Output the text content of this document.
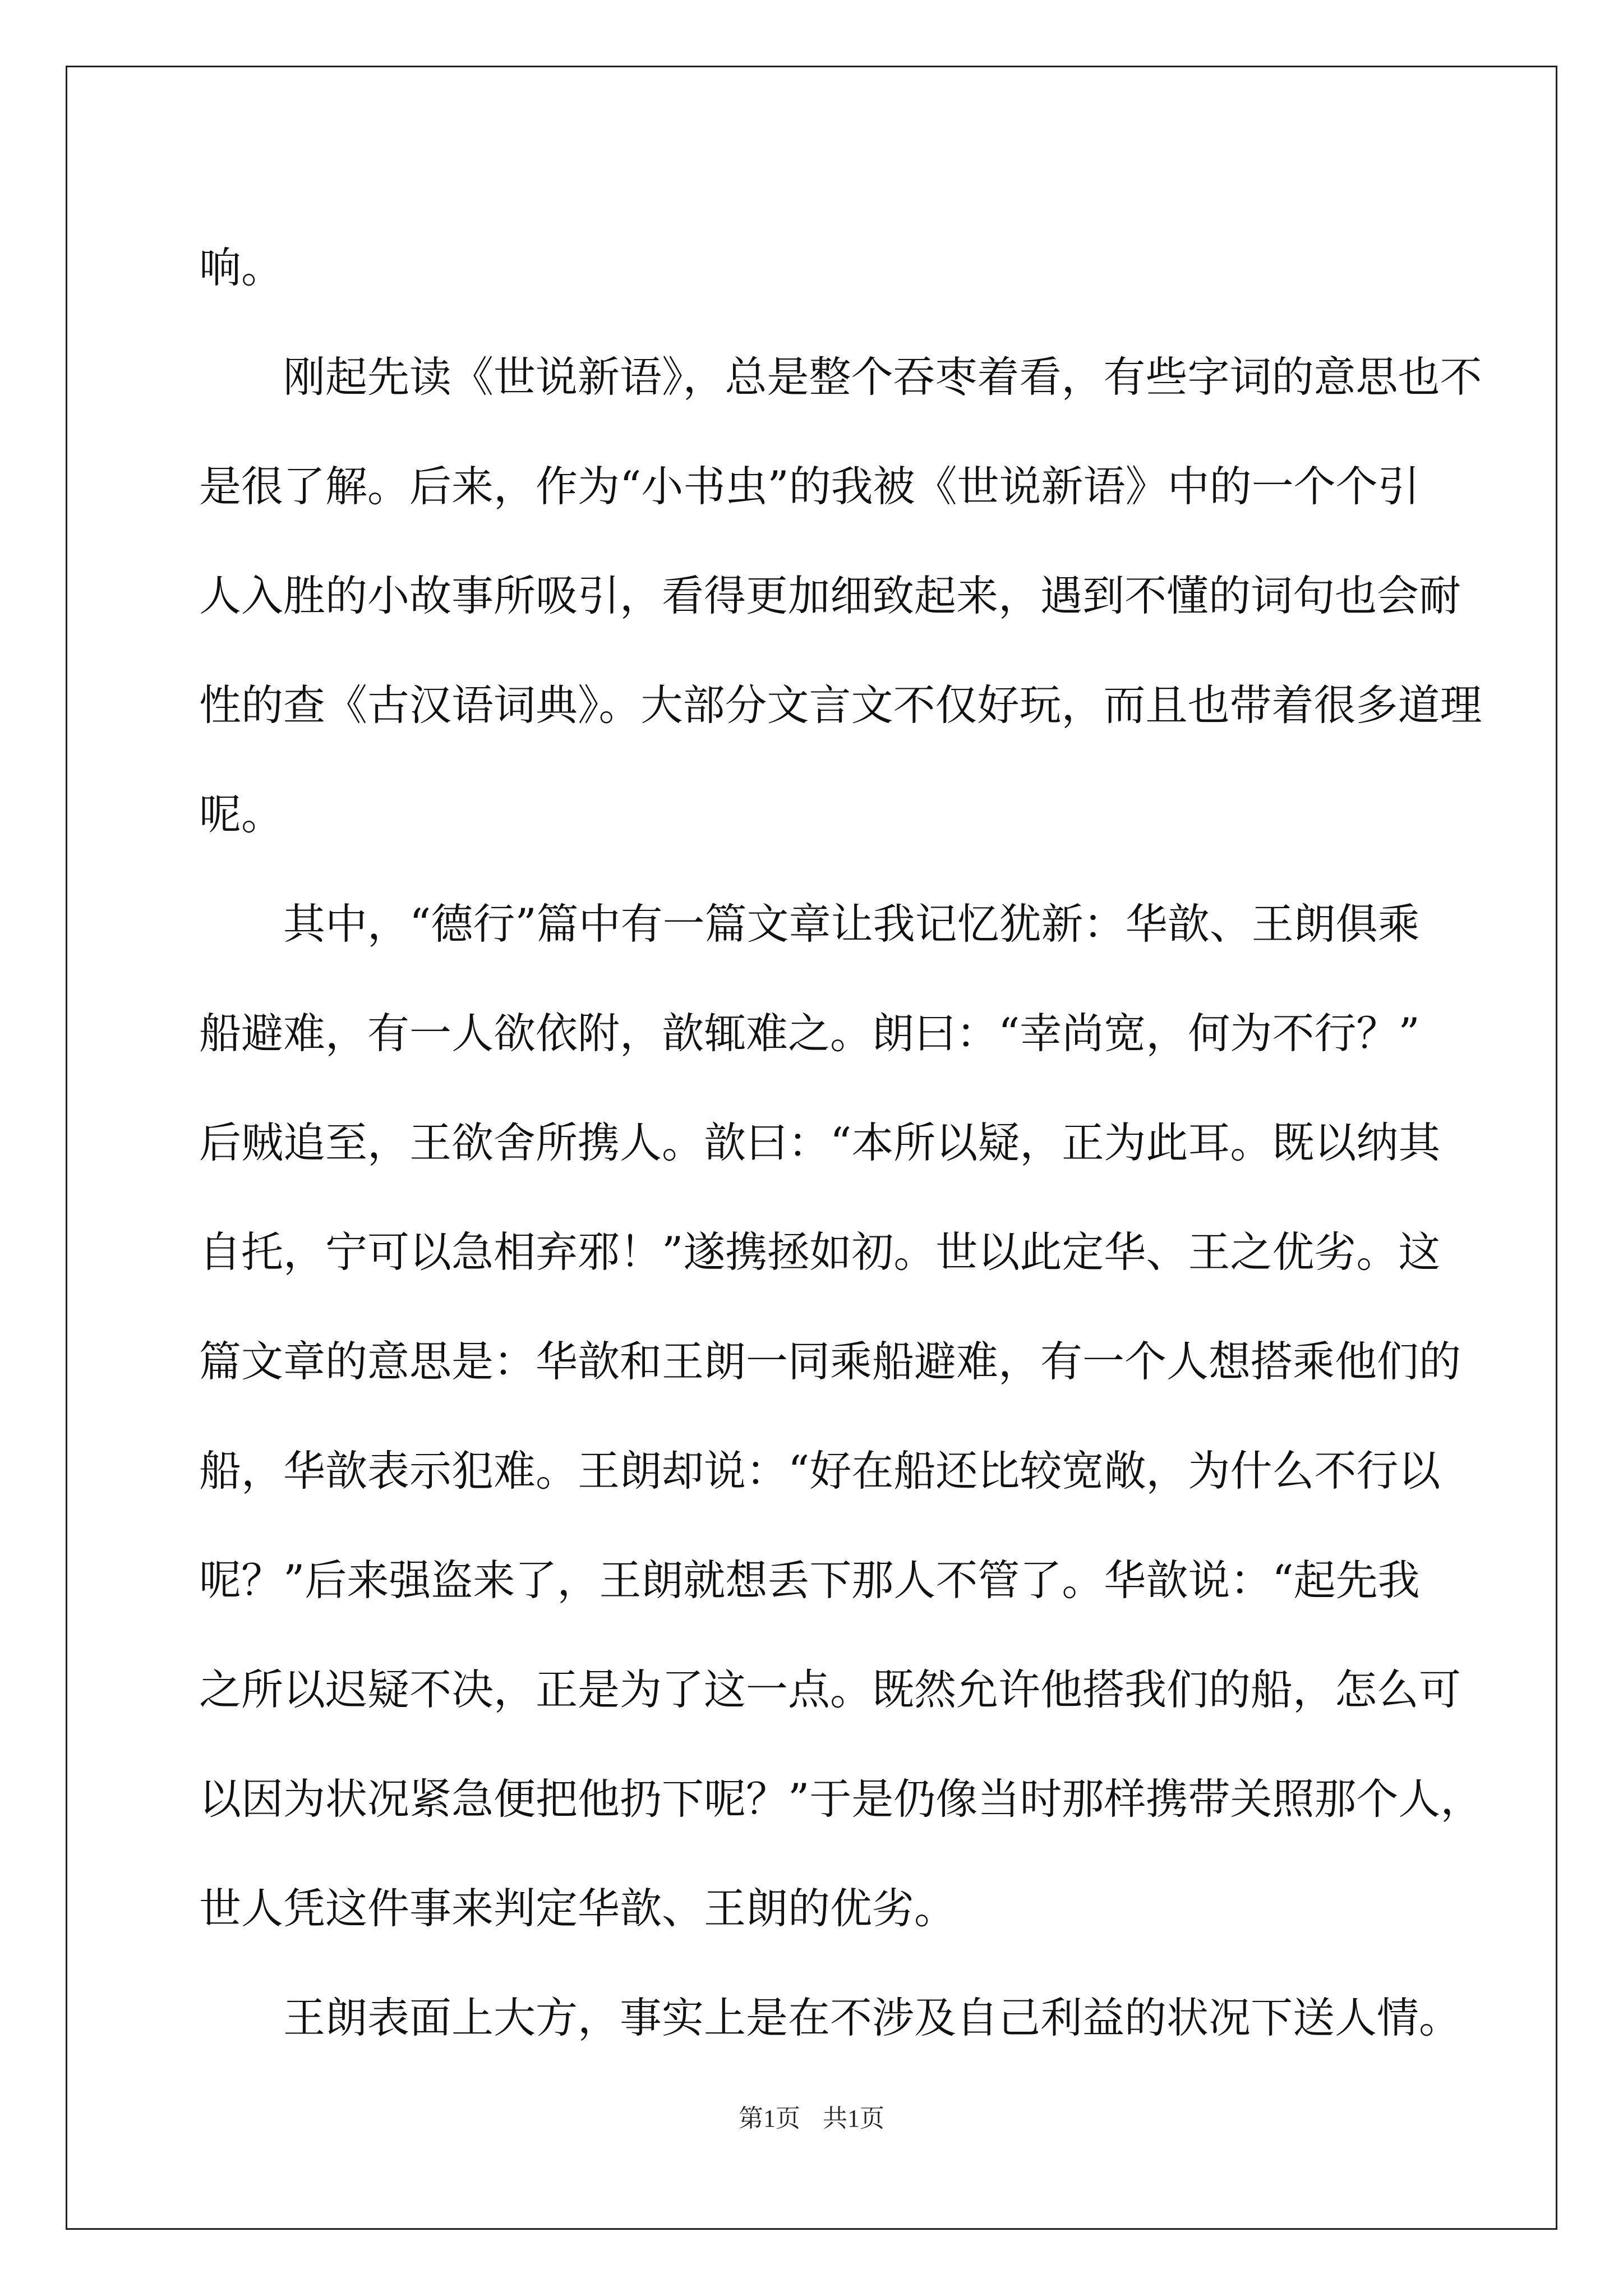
响。
　　刚起先读《世说新语》，总是整个吞枣着看，有些字词的意思也不
是很了解。后来，作为“小书虫”的我被《世说新语》中的一个个引
人入胜的小故事所吸引，看得更加细致起来，遇到不懂的词句也会耐
性的查《古汉语词典》。大部分文言文不仅好玩，而且也带着很多道理
呢。
　　其中，“德行”篇中有一篇文章让我记忆犹新：华歆、王朗俱乘
船避难，有一人欲依附，歆辄难之。朗曰：“幸尚宽，何为不行？”
后贼追至，王欲舍所携人。歆曰：“本所以疑，正为此耳。既以纳其
自托，宁可以急相弃邪！”遂携拯如初。世以此定华、王之优劣。这
篇文章的意思是：华歆和王朗一同乘船避难，有一个人想搭乘他们的
船，华歆表示犯难。王朗却说：“好在船还比较宽敞，为什么不行以
呢？”后来强盗来了，王朗就想丢下那人不管了。华歆说：“起先我
之所以迟疑不决，正是为了这一点。既然允许他搭我们的船，怎么可
以因为状况紧急便把他扔下呢？”于是仍像当时那样携带关照那个人，
世人凭这件事来判定华歆、王朗的优劣。
　　王朗表面上大方，事实上是在不涉及自己利益的状况下送人情。
第1页 共1页
